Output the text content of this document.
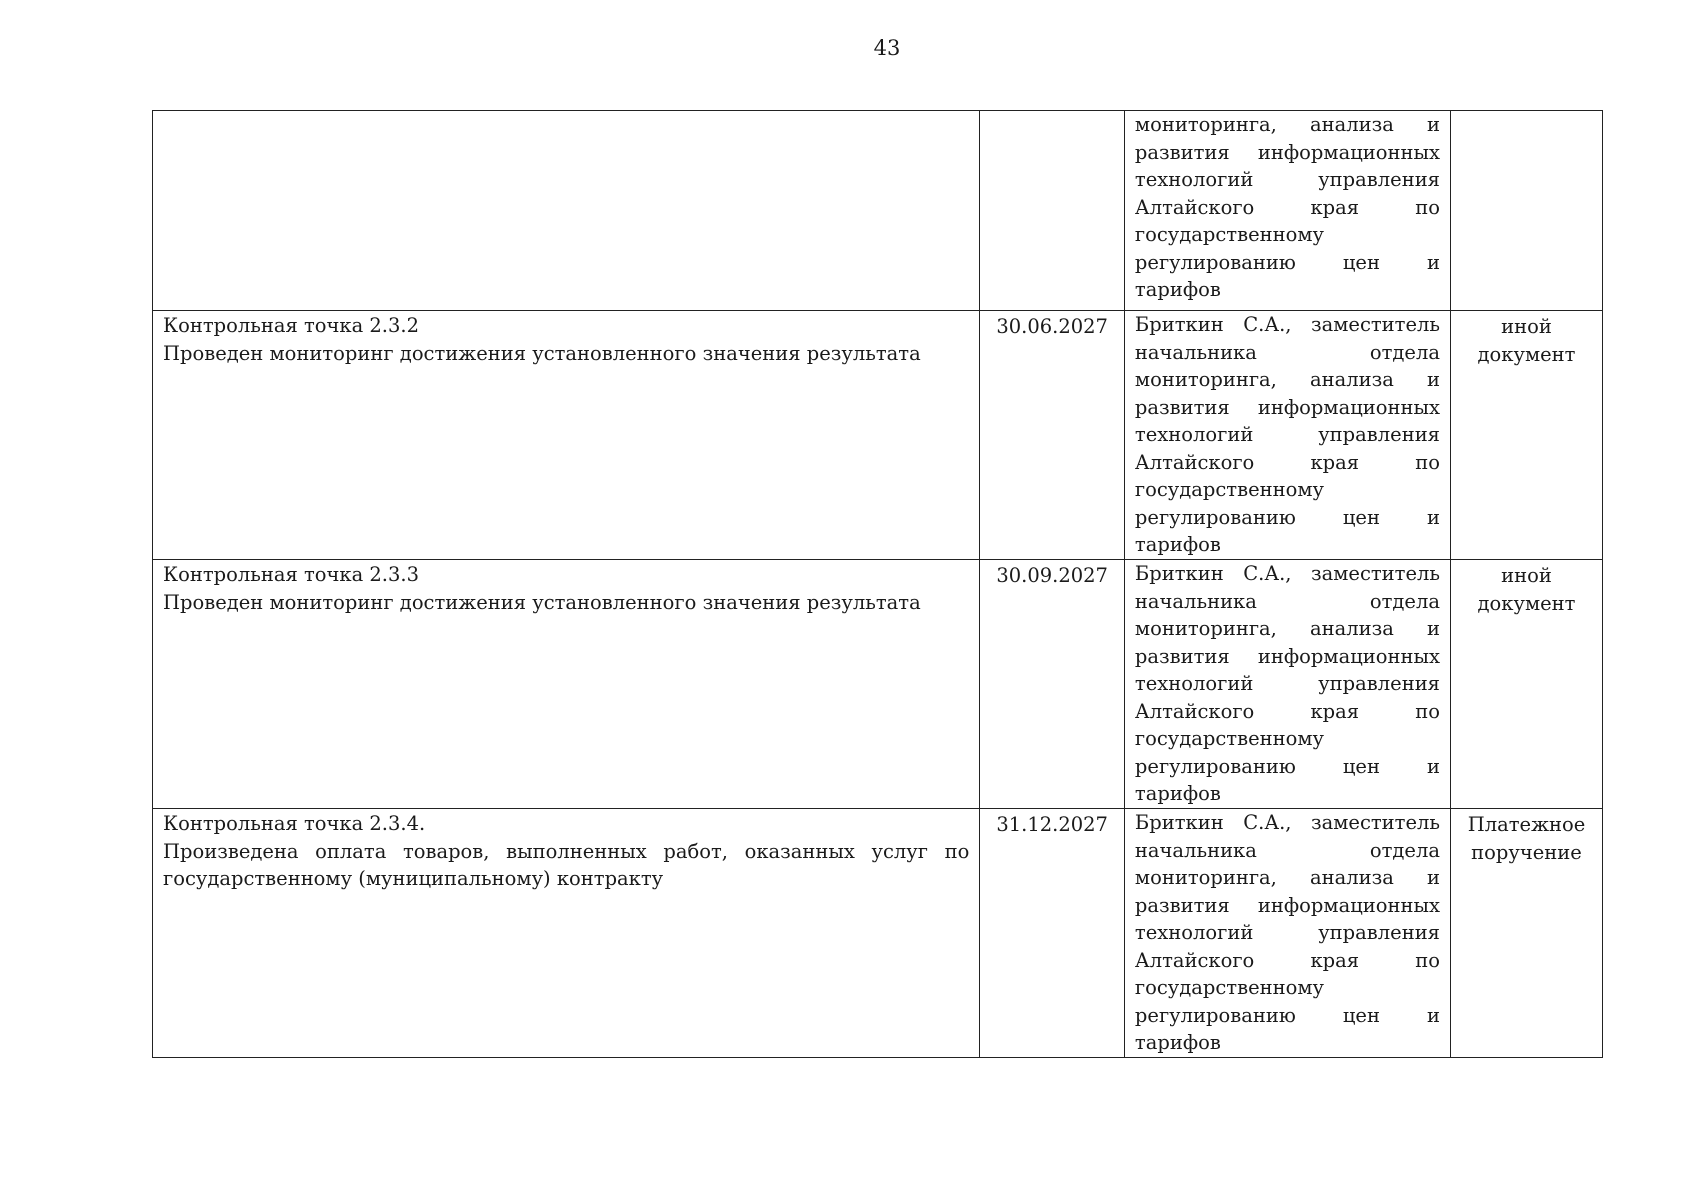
43

		мониторинга, анализа и развития информационных технологий управления Алтайского края по государственному регулированию цен и тарифов	

Контрольная точка 2.3.2
Проведен мониторинг достижения установленного значения результата	30.06.2027	Бриткин С.А., заместитель начальника отдела мониторинга, анализа и развития информационных технологий управления Алтайского края по государственному регулированию цен и тарифов	иной документ

Контрольная точка 2.3.3
Проведен мониторинг достижения установленного значения результата	30.09.2027	Бриткин С.А., заместитель начальника отдела мониторинга, анализа и развития информационных технологий управления Алтайского края по государственному регулированию цен и тарифов	иной документ

Контрольная точка 2.3.4.
Произведена оплата товаров, выполненных работ, оказанных услуг по государственному (муниципальному) контракту	31.12.2027	Бриткин С.А., заместитель начальника отдела мониторинга, анализа и развития информационных технологий управления Алтайского края по государственному регулированию цен и тарифов	Платежное поручение
